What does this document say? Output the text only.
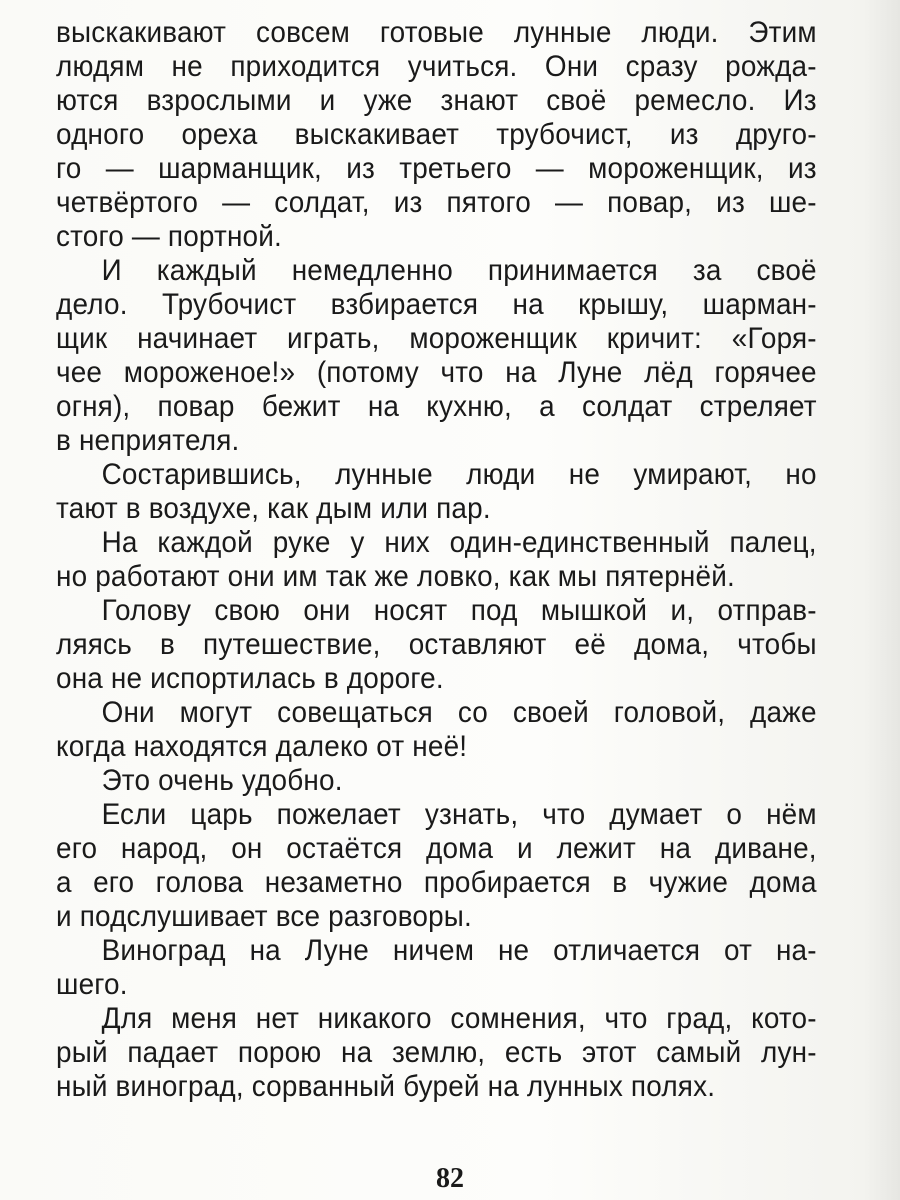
выскакивают совсем готовые лунные люди. Этим
людям не приходится учиться. Они сразу рожда-
ются взрослыми и уже знают своё ремесло. Из
одного ореха выскакивает трубочист, из друго-
го — шарманщик, из третьего — мороженщик, из
четвёртого — солдат, из пятого — повар, из ше-
стого — портной.
И каждый немедленно принимается за своё
дело. Трубочист взбирается на крышу, шарман-
щик начинает играть, мороженщик кричит: «Горя-
чее мороженое!» (потому что на Луне лёд горячее
огня), повар бежит на кухню, а солдат стреляет
в неприятеля.
Состарившись, лунные люди не умирают, но
тают в воздухе, как дым или пар.
На каждой руке у них один-единственный палец,
но работают они им так же ловко, как мы пятернёй.
Голову свою они носят под мышкой и, отправ-
ляясь в путешествие, оставляют её дома, чтобы
она не испортилась в дороге.
Они могут совещаться со своей головой, даже
когда находятся далеко от неё!
Это очень удобно.
Если царь пожелает узнать, что думает о нём
его народ, он остаётся дома и лежит на диване,
а его голова незаметно пробирается в чужие дома
и подслушивает все разговоры.
Виноград на Луне ничем не отличается от на-
шего.
Для меня нет никакого сомнения, что град, кото-
рый падает порою на землю, есть этот самый лун-
ный виноград, сорванный бурей на лунных полях.
82
